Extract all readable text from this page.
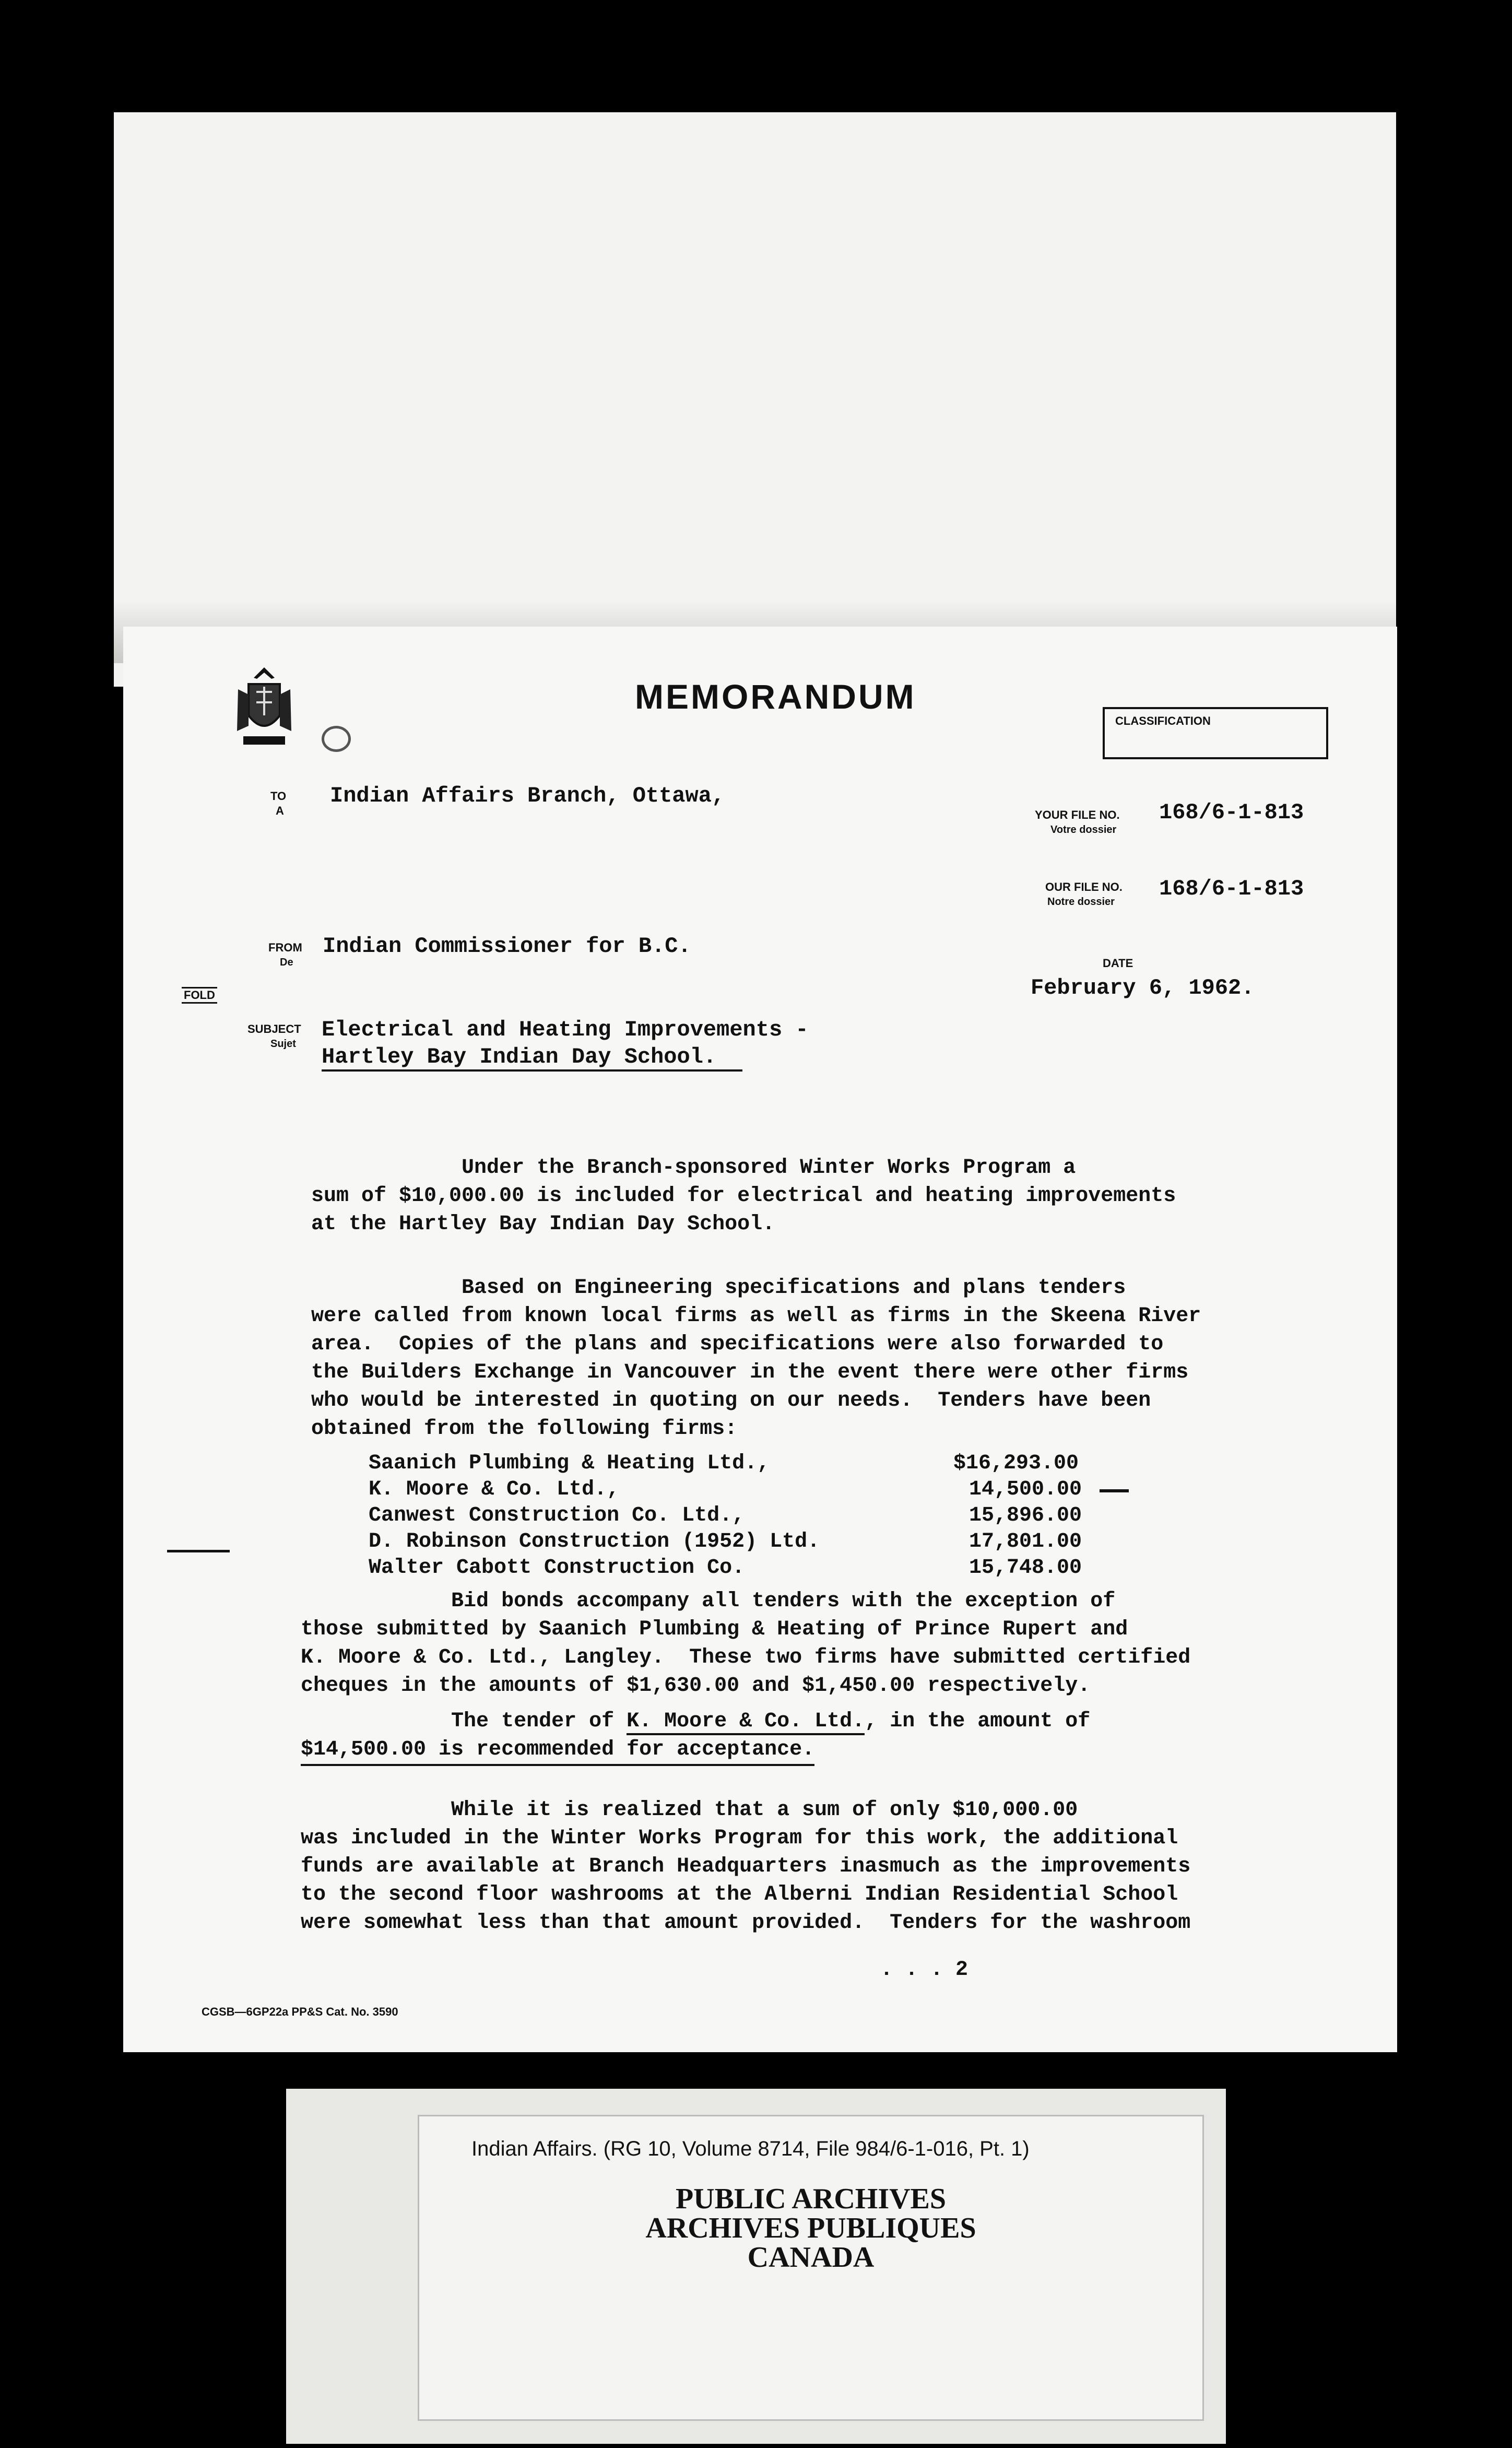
MEMORANDUM
CLASSIFICATION
TO
A
Indian Affairs Branch, Ottawa,
YOUR FILE NO.
Votre dossier
168/6-1-813
OUR FILE NO.
Notre dossier
168/6-1-813
FROM
De
Indian Commissioner for B.C.
FOLD
DATE
February 6, 1962.
SUBJECT
Sujet
Electrical and Heating Improvements -
Hartley Bay Indian Day School.
Under the Branch-sponsored Winter Works Program a
sum of $10,000.00 is included for electrical and heating improvements
at the Hartley Bay Indian Day School.
Based on Engineering specifications and plans tenders
were called from known local firms as well as firms in the Skeena River
area.  Copies of the plans and specifications were also forwarded to
the Builders Exchange in Vancouver in the event there were other firms
who would be interested in quoting on our needs.  Tenders have been
obtained from the following firms:
Saanich Plumbing & Heating Ltd.,	$16,293.00
K. Moore & Co. Ltd.,	14,500.00
Canwest Construction Co. Ltd.,	15,896.00
D. Robinson Construction (1952) Ltd.	17,801.00
Walter Cabott Construction Co.	15,748.00
Bid bonds accompany all tenders with the exception of
those submitted by Saanich Plumbing & Heating of Prince Rupert and
K. Moore & Co. Ltd., Langley.  These two firms have submitted certified
cheques in the amounts of $1,630.00 and $1,450.00 respectively.
The tender of K. Moore & Co. Ltd., in the amount of
$14,500.00 is recommended for acceptance.
While it is realized that a sum of only $10,000.00
was included in the Winter Works Program for this work, the additional
funds are available at Branch Headquarters inasmuch as the improvements
to the second floor washrooms at the Alberni Indian Residential School
were somewhat less than that amount provided.  Tenders for the washroom
. . . 2
CGSB—6GP22a PP&S Cat. No. 3590
Indian Affairs. (RG 10, Volume 8714, File 984/6-1-016, Pt. 1)
PUBLIC ARCHIVES
ARCHIVES PUBLIQUES
CANADA
